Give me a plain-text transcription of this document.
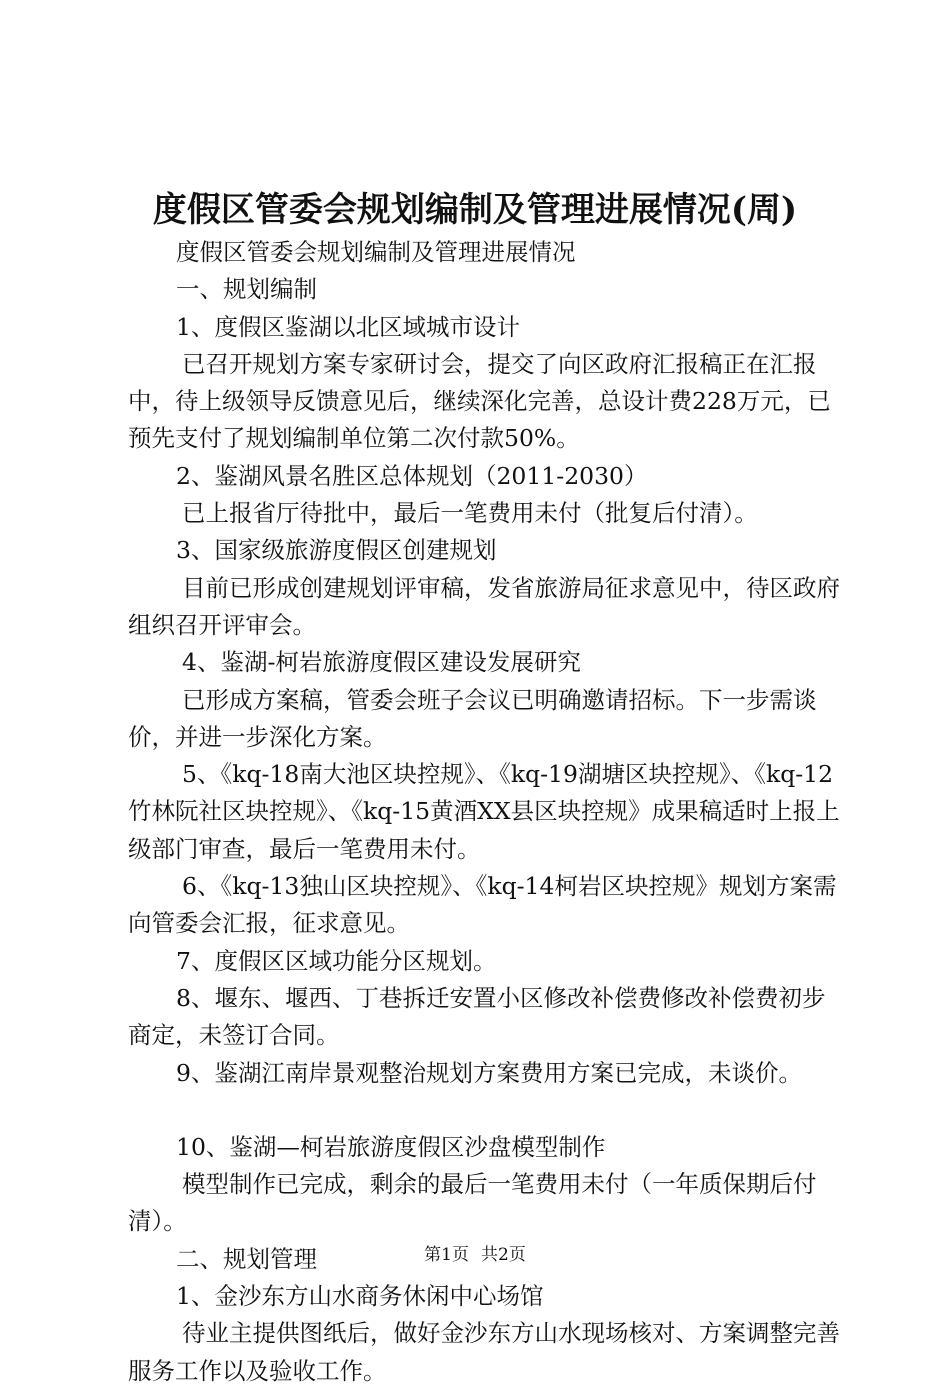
度假区管委会规划编制及管理进展情况(周)

度假区管委会规划编制及管理进展情况

一、规划编制

1、度假区鉴湖以北区域城市设计

已召开规划方案专家研讨会，提交了向区政府汇报稿正在汇报中，待上级领导反馈意见后，继续深化完善，总设计费228万元，已预先支付了规划编制单位第二次付款50%。

2、鉴湖风景名胜区总体规划（2011-2030）

已上报省厅待批中，最后一笔费用未付（批复后付清）。

3、国家级旅游度假区创建规划

目前已形成创建规划评审稿，发省旅游局征求意见中，待区政府组织召开评审会。

4、鉴湖-柯岩旅游度假区建设发展研究

已形成方案稿，管委会班子会议已明确邀请招标。下一步需谈价，并进一步深化方案。

5、《kq-18南大池区块控规》、《kq-19湖塘区块控规》、《kq-12竹林阮社区块控规》、《kq-15黄酒XX县区块控规》成果稿适时上报上级部门审查，最后一笔费用未付。

6、《kq-13独山区块控规》、《kq-14柯岩区块控规》规划方案需向管委会汇报，征求意见。

7、度假区区域功能分区规划。

8、堰东、堰西、丁巷拆迁安置小区修改补偿费修改补偿费初步商定，未签订合同。

9、鉴湖江南岸景观整治规划方案费用方案已完成，未谈价。

10、鉴湖—柯岩旅游度假区沙盘模型制作

模型制作已完成，剩余的最后一笔费用未付（一年质保期后付清）。

二、规划管理

1、金沙东方山水商务休闲中心场馆

待业主提供图纸后，做好金沙东方山水现场核对、方案调整完善服务工作以及验收工作。

第1页 共2页
